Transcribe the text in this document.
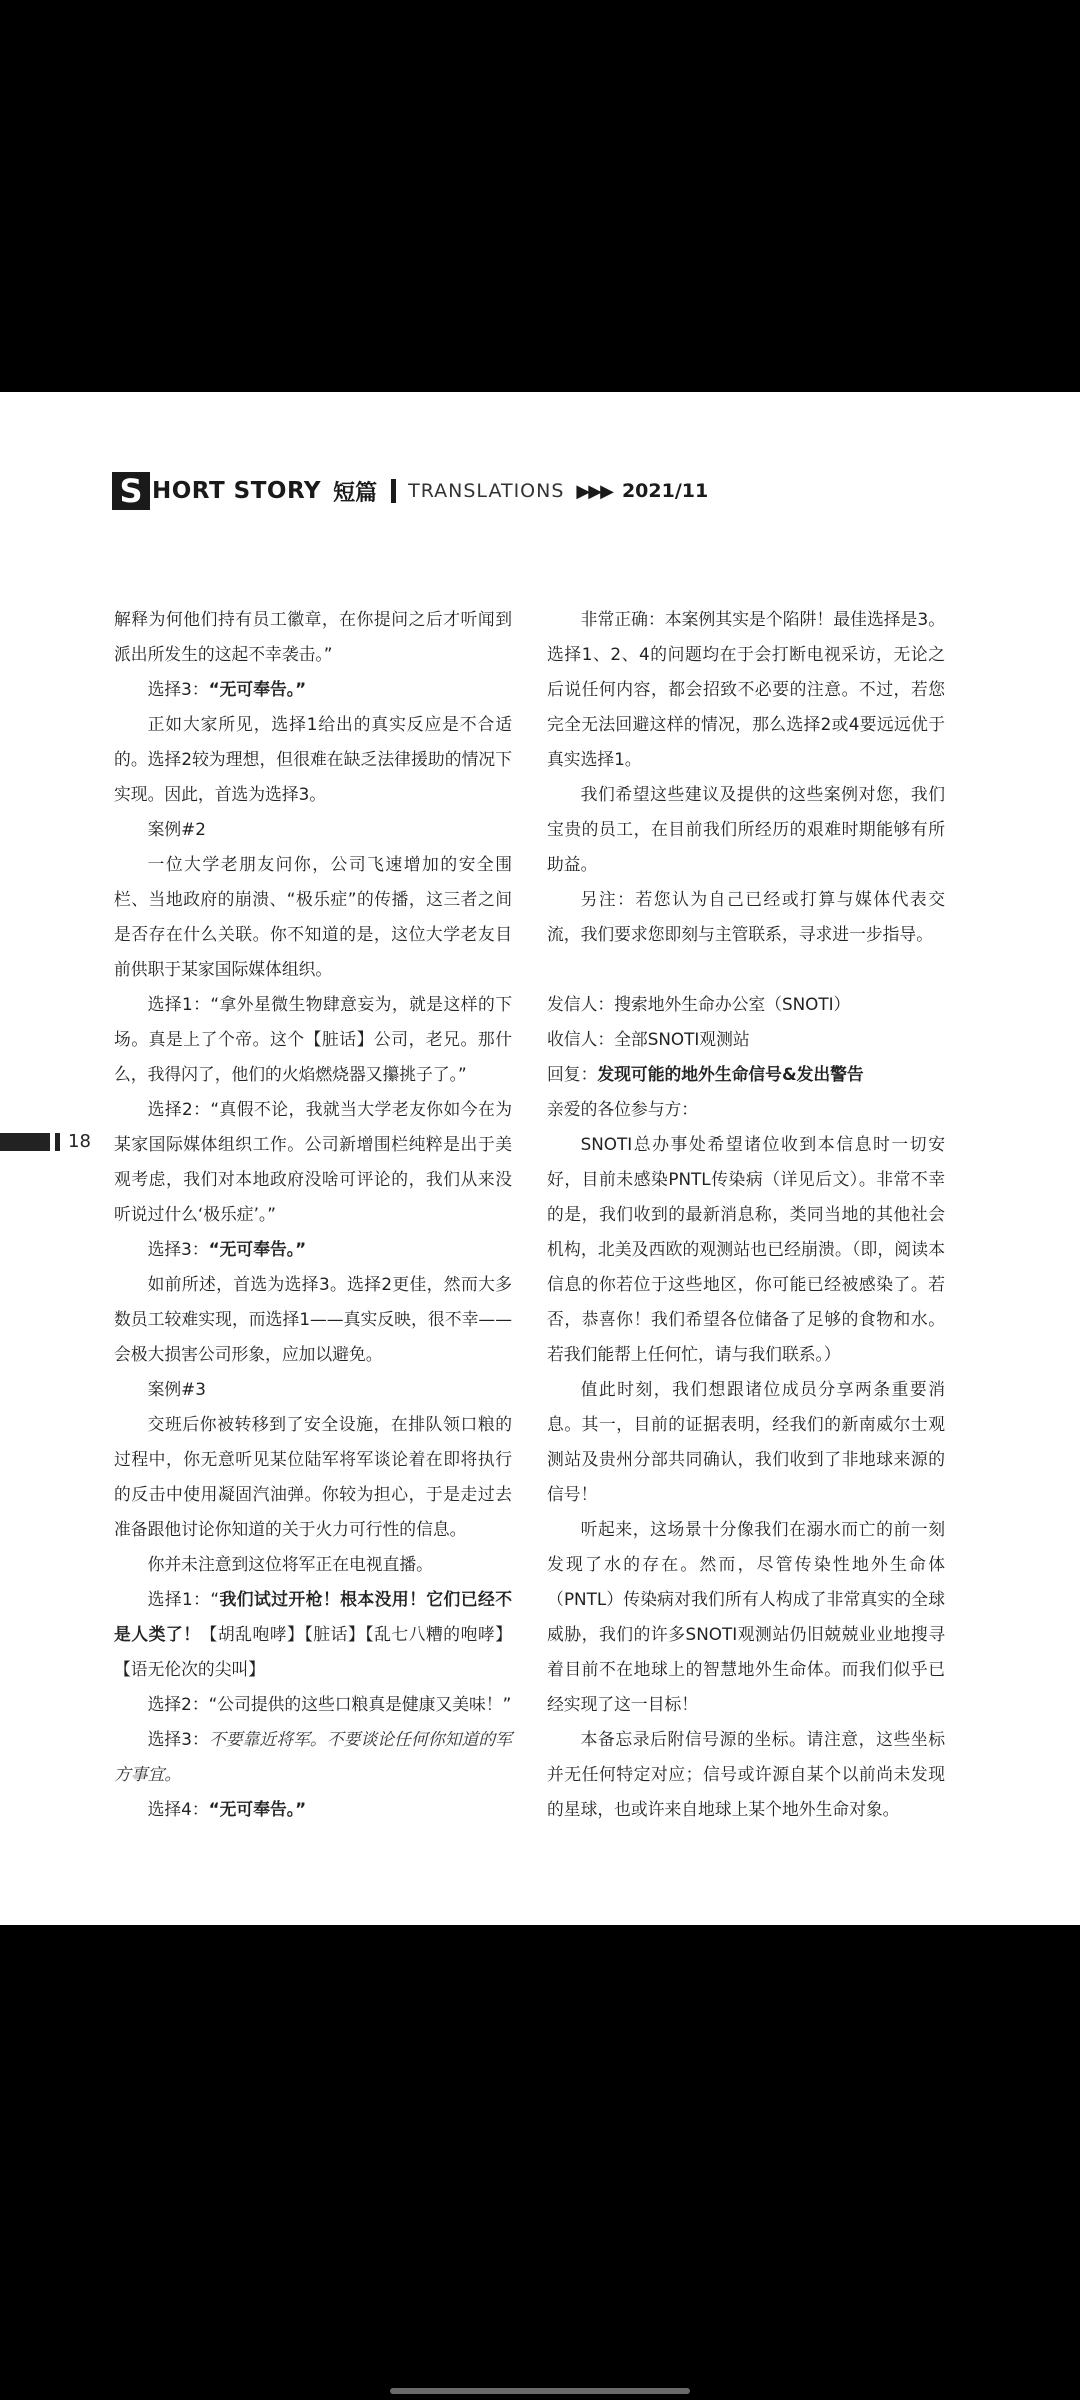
S HORT STORY 短篇 TRANSLATIONS ▶▶▶ 2021/11
18

解释为何他们持有员工徽章，在你提问之后才听闻到派出所发生的这起不幸袭击。”

选择3：“无可奉告。”

正如大家所见，选择1给出的真实反应是不合适的。选择2较为理想，但很难在缺乏法律援助的情况下实现。因此，首选为选择3。

案例#2

一位大学老朋友问你，公司飞速增加的安全围栏、当地政府的崩溃、“极乐症”的传播，这三者之间是否存在什么关联。你不知道的是，这位大学老友目前供职于某家国际媒体组织。

选择1：“拿外星微生物肆意妄为，就是这样的下场。真是上了个帝。这个【脏话】公司，老兄。那什么，我得闪了，他们的火焰燃烧器又攥挑子了。”

选择2：“真假不论，我就当大学老友你如今在为某家国际媒体组织工作。公司新增围栏纯粹是出于美观考虑，我们对本地政府没啥可评论的，我们从来没听说过什么‘极乐症’。”

选择3：“无可奉告。”

如前所述，首选为选择3。选择2更佳，然而大多数员工较难实现，而选择1——真实反映，很不幸——会极大损害公司形象，应加以避免。

案例#3

交班后你被转移到了安全设施，在排队领口粮的过程中，你无意听见某位陆军将军谈论着在即将执行的反击中使用凝固汽油弹。你较为担心，于是走过去准备跟他讨论你知道的关于火力可行性的信息。

你并未注意到这位将军正在电视直播。

选择1：“我们试过开枪！根本没用！它们已经不是人类了！【胡乱咆哮】【脏话】【乱七八糟的咆哮】【语无伦次的尖叫】

选择2：“公司提供的这些口粮真是健康又美味！”

选择3：不要靠近将军。不要谈论任何你知道的军方事宜。

选择4：“无可奉告。”

非常正确：本案例其实是个陷阱！最佳选择是3。选择1、2、4的问题均在于会打断电视采访，无论之后说任何内容，都会招致不必要的注意。不过，若您完全无法回避这样的情况，那么选择2或4要远远优于真实选择1。

我们希望这些建议及提供的这些案例对您，我们宝贵的员工，在目前我们所经历的艰难时期能够有所助益。

另注：若您认为自己已经或打算与媒体代表交流，我们要求您即刻与主管联系，寻求进一步指导。

发信人：搜索地外生命办公室（SNOTI）

收信人：全部SNOTI观测站

回复：发现可能的地外生命信号&发出警告

亲爱的各位参与方：

SNOTI总办事处希望诸位收到本信息时一切安好，目前未感染PNTL传染病（详见后文）。非常不幸的是，我们收到的最新消息称，类同当地的其他社会机构，北美及西欧的观测站也已经崩溃。（即，阅读本信息的你若位于这些地区，你可能已经被感染了。若否，恭喜你！我们希望各位储备了足够的食物和水。若我们能帮上任何忙，请与我们联系。）

值此时刻，我们想跟诸位成员分享两条重要消息。其一，目前的证据表明，经我们的新南威尔士观测站及贵州分部共同确认，我们收到了非地球来源的信号！

听起来，这场景十分像我们在溺水而亡的前一刻发现了水的存在。然而，尽管传染性地外生命体（PNTL）传染病对我们所有人构成了非常真实的全球威胁，我们的许多SNOTI观测站仍旧兢兢业业地搜寻着目前不在地球上的智慧地外生命体。而我们似乎已经实现了这一目标！

本备忘录后附信号源的坐标。请注意，这些坐标并无任何特定对应；信号或许源自某个以前尚未发现的星球，也或许来自地球上某个地外生命对象。
